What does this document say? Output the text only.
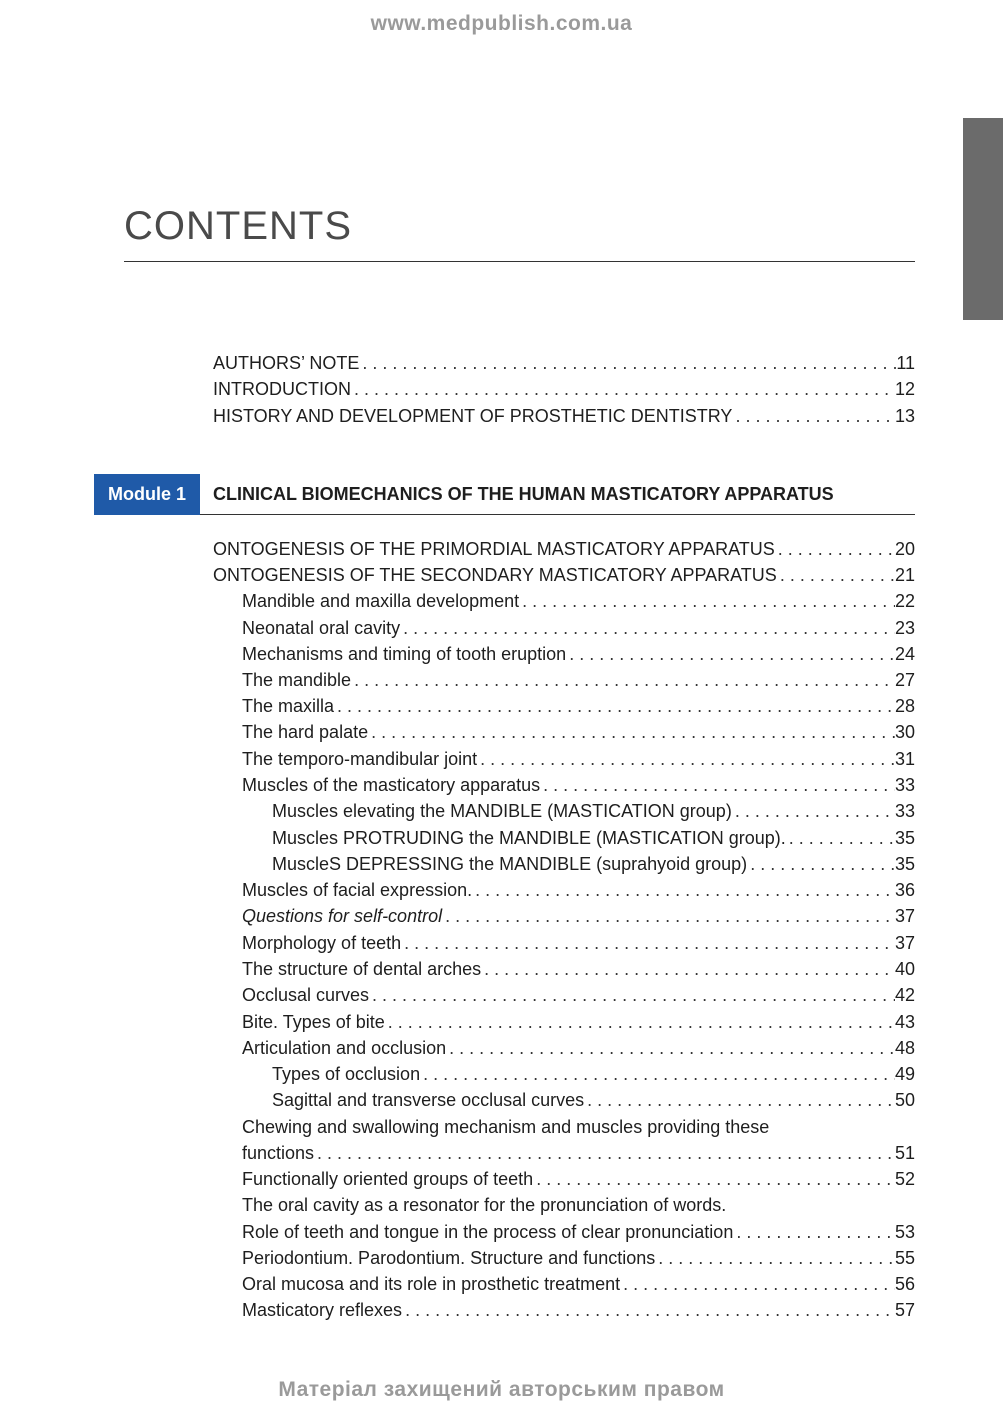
www.medpublish.com.ua
CONTENTS
AUTHORS’ NOTE . . .	11
INTRODUCTION . . .	12
HISTORY AND DEVELOPMENT OF PROSTHETIC DENTISTRY . . .	13
Module 1	CLINICAL BIOMECHANICS OF THE HUMAN MASTICATORY APPARATUS
ONTOGENESIS OF THE PRIMORDIAL MASTICATORY APPARATUS . . .	20
ONTOGENESIS OF THE SECONDARY MASTICATORY APPARATUS . . .	21
Mandible and maxilla development . . .	22
Neonatal oral cavity . . .	23
Mechanisms and timing of tooth eruption . . .	24
The mandible . . .	27
The maxilla . . .	28
The hard palate . . .	30
The temporo-mandibular joint . . .	31
Muscles of the masticatory apparatus . . .	33
Muscles elevating the MANDIBLE (MASTICATION group) . . .	33
Muscles PROTRUDING the MANDIBLE (MASTICATION group). . . .	35
MuscleS DEPRESSING the MANDIBLE (suprahyoid group) . . .	35
Muscles of facial expression. . . .	36
Questions for self-control . . .	37
Morphology of teeth . . .	37
The structure of dental arches . . .	40
Occlusal curves . . .	42
Bite. Types of bite . . .	43
Articulation and occlusion . . .	48
Types of occlusion . . .	49
Sagittal and transverse occlusal curves . . .	50
Chewing and swallowing mechanism and muscles providing these
functions . . .	51
Functionally oriented groups of teeth . . .	52
The oral cavity as a resonator for the pronunciation of words.
Role of teeth and tongue in the process of clear pronunciation . . .	53
Periodontium. Parodontium. Structure and functions . . .	55
Oral mucosa and its role in prosthetic treatment . . .	56
Masticatory reflexes . . .	57
Матеріал захищений авторським правом
